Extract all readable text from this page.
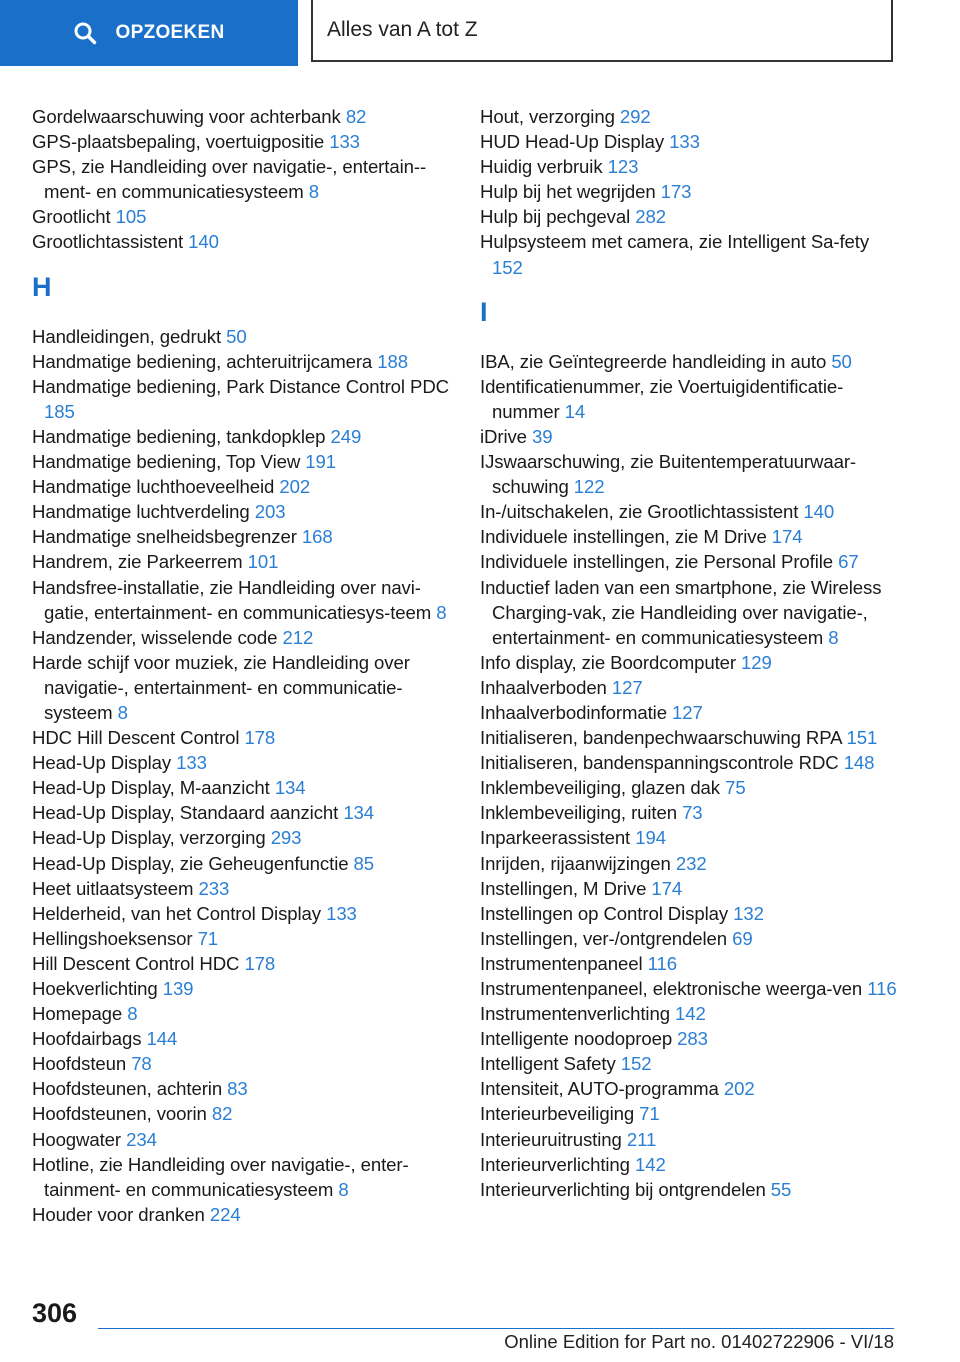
OPZOEKEN	Alles van A tot Z
Gordelwaarschuwing voor achterbank 82
GPS-plaatsbepaling, voertuigpositie 133
GPS, zie Handleiding over navigatie-, entertain-ment- en communicatiesysteem 8
Grootlicht 105
Grootlichtassistent 140
H
Handleidingen, gedrukt 50
Handmatige bediening, achteruitrijcamera 188
Handmatige bediening, Park Distance Control PDC 185
Handmatige bediening, tankdopklep 249
Handmatige bediening, Top View 191
Handmatige luchthoeveelheid 202
Handmatige luchtverdeling 203
Handmatige snelheidsbegrenzer 168
Handrem, zie Parkeerrem 101
Handsfree-installatie, zie Handleiding over navi-gatie, entertainment- en communicatiesys-teem 8
Handzender, wisselende code 212
Harde schijf voor muziek, zie Handleiding over navigatie-, entertainment- en communicatie-systeem 8
HDC Hill Descent Control 178
Head-Up Display 133
Head-Up Display, M-aanzicht 134
Head-Up Display, Standaard aanzicht 134
Head-Up Display, verzorging 293
Head-Up Display, zie Geheugenfunctie 85
Heet uitlaatsysteem 233
Helderheid, van het Control Display 133
Hellingshoeksensor 71
Hill Descent Control HDC 178
Hoekverlichting 139
Homepage 8
Hoofdairbags 144
Hoofdsteun 78
Hoofdsteunen, achterin 83
Hoofdsteunen, voorin 82
Hoogwater 234
Hotline, zie Handleiding over navigatie-, enter-tainment- en communicatiesysteem 8
Houder voor dranken 224
Hout, verzorging 292
HUD Head-Up Display 133
Huidig verbruik 123
Hulp bij het wegrijden 173
Hulp bij pechgeval 282
Hulpsysteem met camera, zie Intelligent Sa-fety 152
I
IBA, zie Geïntegreerde handleiding in auto 50
Identificatienummer, zie Voertuigidentificatie-nummer 14
iDrive 39
IJswaarschuwing, zie Buitentemperatuurwaar-schuwing 122
In-/uitschakelen, zie Grootlichtassistent 140
Individuele instellingen, zie M Drive 174
Individuele instellingen, zie Personal Profile 67
Inductief laden van een smartphone, zie Wireless Charging-vak, zie Handleiding over navigatie-, entertainment- en communicatiesysteem 8
Info display, zie Boordcomputer 129
Inhaalverboden 127
Inhaalverbodinformatie 127
Initialiseren, bandenpechwaarschuwing RPA 151
Initialiseren, bandenspanningscontrole RDC 148
Inklembeveiliging, glazen dak 75
Inklembeveiliging, ruiten 73
Inparkeerassistent 194
Inrijden, rijaanwijzingen 232
Instellingen, M Drive 174
Instellingen op Control Display 132
Instellingen, ver-/ontgrendelen 69
Instrumentenpaneel 116
Instrumentenpaneel, elektronische weerga-ven 116
Instrumentenverlichting 142
Intelligente noodoproep 283
Intelligent Safety 152
Intensiteit, AUTO-programma 202
Interieurbeveiliging 71
Interieuruitrusting 211
Interieurverlichting 142
Interieurverlichting bij ontgrendelen 55
306
Online Edition for Part no. 01402722906 - VI/18
